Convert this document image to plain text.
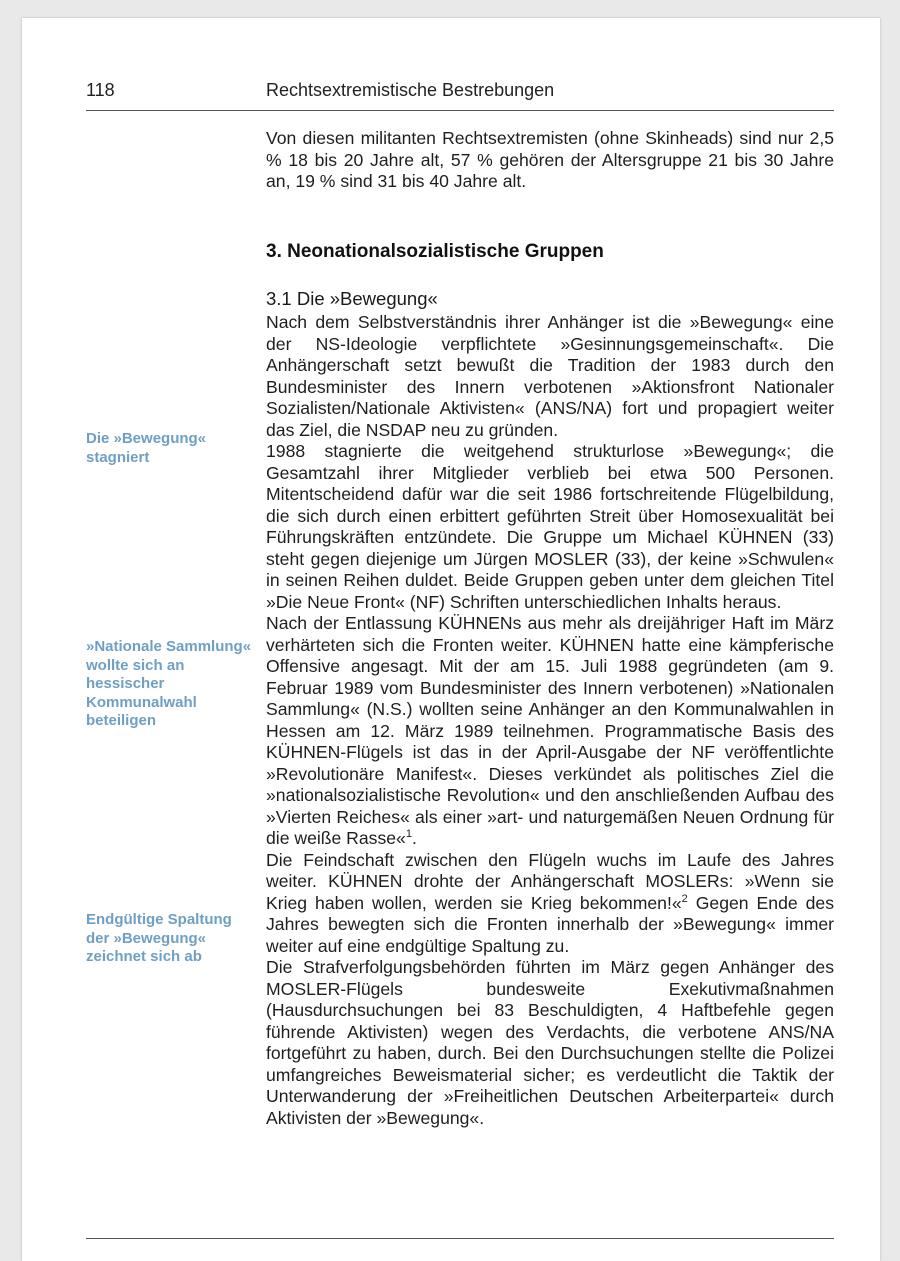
118	Rechtsextremistische Bestrebungen

Von diesen militanten Rechtsextremisten (ohne Skinheads) sind nur 2,5 % 18 bis 20 Jahre alt, 57 % gehören der Altersgruppe 21 bis 30 Jahre an, 19 % sind 31 bis 40 Jahre alt.

3. Neonationalsozialistische Gruppen
3.1 Die »Bewegung«

Nach dem Selbstverständnis ihrer Anhänger ist die »Bewegung« eine der NS-Ideologie verpflichtete »Gesinnungsgemeinschaft«. Die Anhängerschaft setzt bewußt die Tradition der 1983 durch den Bundesminister des Innern verbotenen »Aktionsfront Nationaler Sozialisten/Nationale Aktivisten« (ANS/NA) fort und propagiert weiter das Ziel, die NSDAP neu zu gründen.

1988 stagnierte die weitgehend strukturlose »Bewegung«; die Gesamtzahl ihrer Mitglieder verblieb bei etwa 500 Personen. Mitentscheidend dafür war die seit 1986 fortschreitende Flügelbildung, die sich durch einen erbittert geführten Streit über Homosexualität bei Führungskräften entzündete. Die Gruppe um Michael KÜHNEN (33) steht gegen diejenige um Jürgen MOSLER (33), der keine »Schwulen« in seinen Reihen duldet. Beide Gruppen geben unter dem gleichen Titel »Die Neue Front« (NF) Schriften unterschiedlichen Inhalts heraus.

Nach der Entlassung KÜHNENs aus mehr als dreijähriger Haft im März verhärteten sich die Fronten weiter. KÜHNEN hatte eine kämpferische Offensive angesagt. Mit der am 15. Juli 1988 gegründeten (am 9. Februar 1989 vom Bundesminister des Innern verbotenen) »Nationalen Sammlung« (N.S.) wollten seine Anhänger an den Kommunalwahlen in Hessen am 12. März 1989 teilnehmen. Programmatische Basis des KÜHNEN-Flügels ist das in der April-Ausgabe der NF veröffentlichte »Revolutionäre Manifest«. Dieses verkündet als politisches Ziel die »nationalsozialistische Revolution« und den anschließenden Aufbau des »Vierten Reiches« als einer »art- und naturgemäßen Neuen Ordnung für die weiße Rasse«$^1$.

Die Feindschaft zwischen den Flügeln wuchs im Laufe des Jahres weiter. KÜHNEN drohte der Anhängerschaft MOSLERs: »Wenn sie Krieg haben wollen, werden sie Krieg bekommen!«$^2$ Gegen Ende des Jahres bewegten sich die Fronten innerhalb der »Bewegung« immer weiter auf eine endgültige Spaltung zu.

Die Strafverfolgungsbehörden führten im März gegen Anhänger des MOSLER-Flügels bundesweite Exekutivmaßnahmen (Hausdurchsuchungen bei 83 Beschuldigten, 4 Haftbefehle gegen führende Aktivisten) wegen des Verdachts, die verbotene ANS/NA fortgeführt zu haben, durch. Bei den Durchsuchungen stellte die Polizei umfangreiches Beweismaterial sicher; es verdeutlicht die Taktik der Unterwanderung der »Freiheitlichen Deutschen Arbeiterpartei« durch Aktivisten der »Bewegung«.

Die »Bewegung« stagniert
»Nationale Sammlung« wollte sich an hessischer Kommunalwahl beteiligen
Endgültige Spaltung der »Bewegung« zeichnet sich ab
